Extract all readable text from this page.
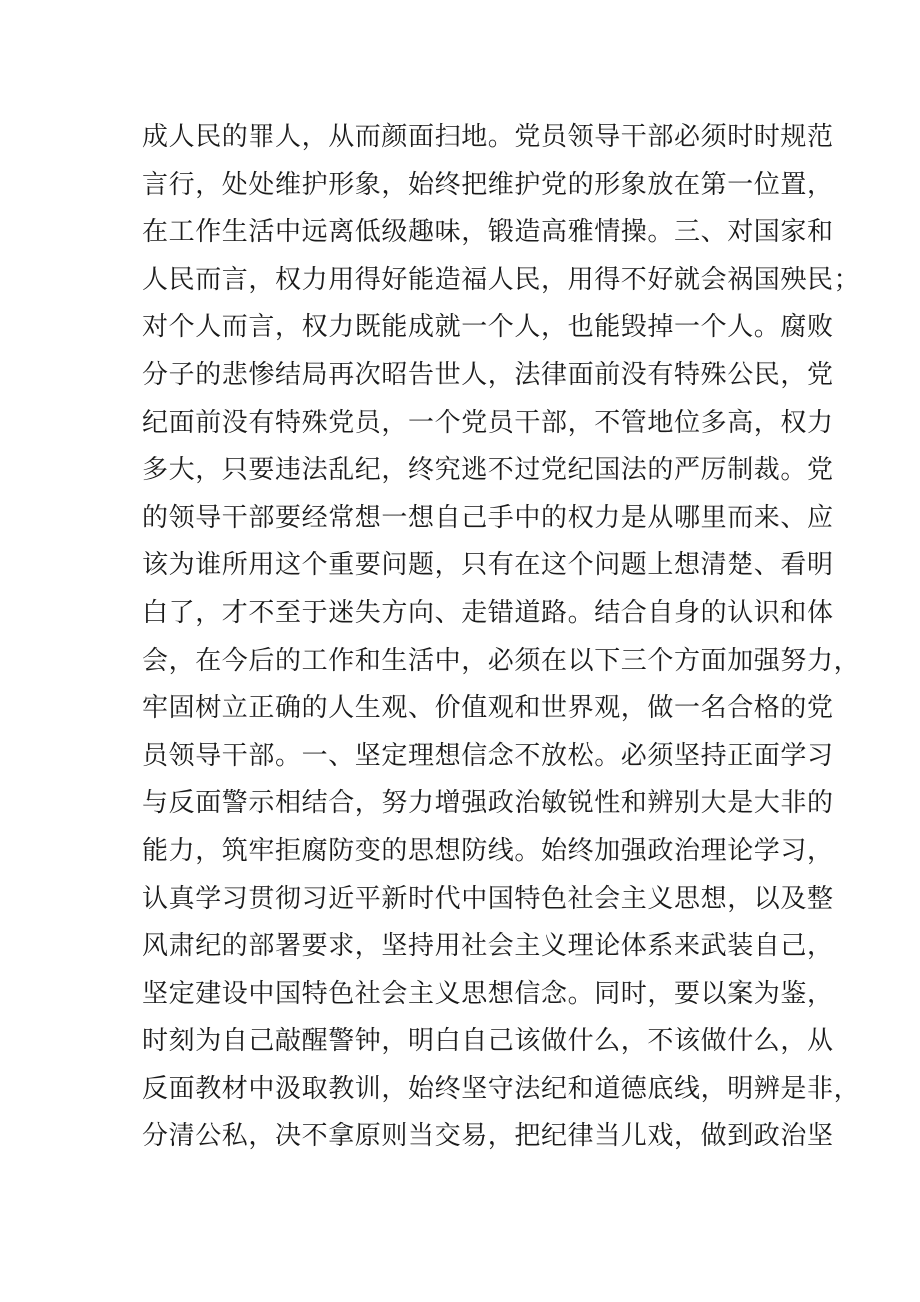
成人民的罪人，从而颜面扫地。党员领导干部必须时时规范
言行，处处维护形象，始终把维护党的形象放在第一位置，
在工作生活中远离低级趣味，锻造高雅情操。三、对国家和
人民而言，权力用得好能造福人民，用得不好就会祸国殃民；
对个人而言，权力既能成就一个人，也能毁掉一个人。腐败
分子的悲惨结局再次昭告世人，法律面前没有特殊公民，党
纪面前没有特殊党员，一个党员干部，不管地位多高，权力
多大，只要违法乱纪，终究逃不过党纪国法的严厉制裁。党
的领导干部要经常想一想自己手中的权力是从哪里而来、应
该为谁所用这个重要问题，只有在这个问题上想清楚、看明
白了，才不至于迷失方向、走错道路。结合自身的认识和体
会，在今后的工作和生活中，必须在以下三个方面加强努力，
牢固树立正确的人生观、价值观和世界观，做一名合格的党
员领导干部。一、坚定理想信念不放松。必须坚持正面学习
与反面警示相结合，努力增强政治敏锐性和辨别大是大非的
能力，筑牢拒腐防变的思想防线。始终加强政治理论学习，
认真学习贯彻习近平新时代中国特色社会主义思想，以及整
风肃纪的部署要求，坚持用社会主义理论体系来武装自己，
坚定建设中国特色社会主义思想信念。同时，要以案为鉴，
时刻为自己敲醒警钟，明白自己该做什么，不该做什么，从
反面教材中汲取教训，始终坚守法纪和道德底线，明辨是非，
分清公私，决不拿原则当交易，把纪律当儿戏，做到政治坚
